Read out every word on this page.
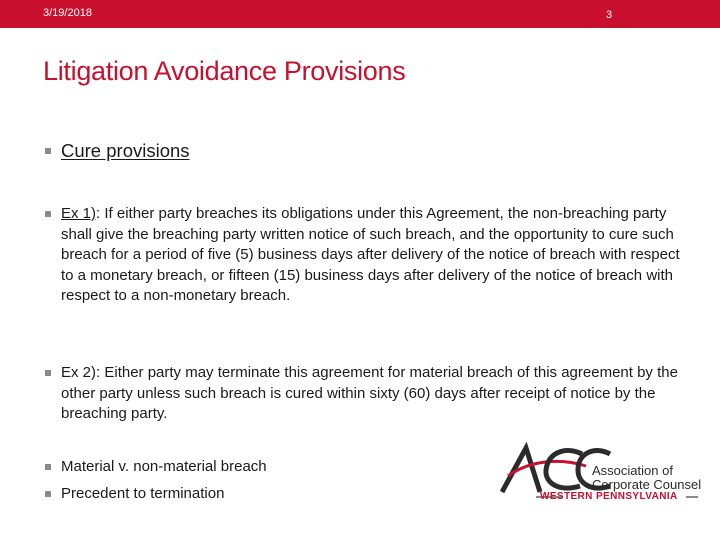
3/19/2018	3
Litigation Avoidance Provisions
Cure provisions
Ex 1): If either party breaches its obligations under this Agreement, the non-breaching party shall give the breaching party written notice of such breach, and the opportunity to cure such breach for a period of five (5) business days after delivery of the notice of breach with respect to a monetary breach, or fifteen (15) business days after delivery of the notice of breach with respect to a non-monetary breach.
Ex 2): Either party may terminate this agreement for material breach of this agreement by the other party unless such breach is cured within sixty (60) days after receipt of notice by the breaching party.
Material v. non-material breach
Precedent to termination
Association of
Corporate Counsel
WESTERN PENNSYLVANIA
